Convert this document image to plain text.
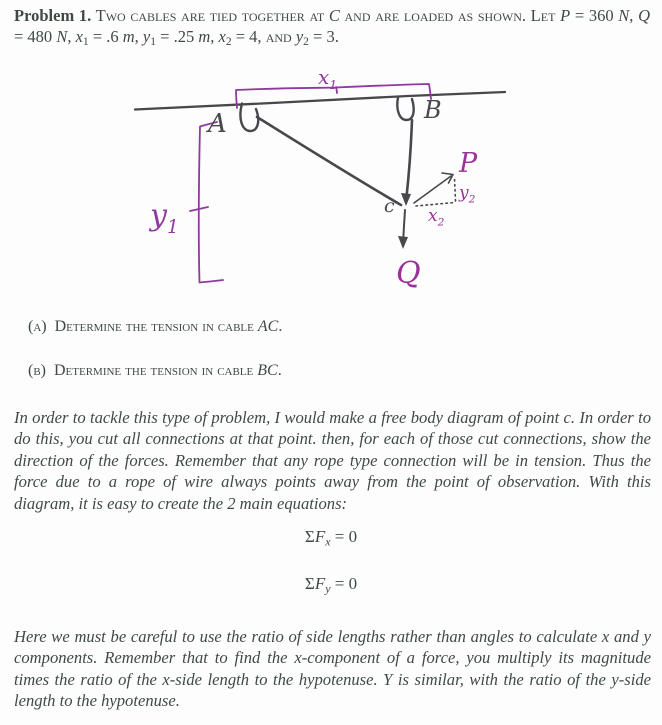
Problem 1. Two cables are tied together at C and are loaded as shown. Let P = 360 N, Q = 480 N, x1 = .6 m, y1 = .25 m, x2 = 4, and y2 = 3.
$x_1$
$y_1$
A	B
Q
P
$x_2$
$y_2$
c
(a)  Determine the tension in cable AC.
(b)  Determine the tension in cable BC.
In order to tackle this type of problem, I would make a free body diagram of point c. In order to do this, you cut all connections at that point. then, for each of those cut connections, show the direction of the forces. Remember that any rope type connection will be in tension. Thus the force due to a rope of wire always points away from the point of observation. With this diagram, it is easy to create the 2 main equations:
ΣFx = 0
ΣFy = 0
Here we must be careful to use the ratio of side lengths rather than angles to calculate x and y components. Remember that to find the x-component of a force, you multiply its magnitude times the ratio of the x-side length to the hypotenuse. Y is similar, with the ratio of the y-side length to the hypotenuse.
